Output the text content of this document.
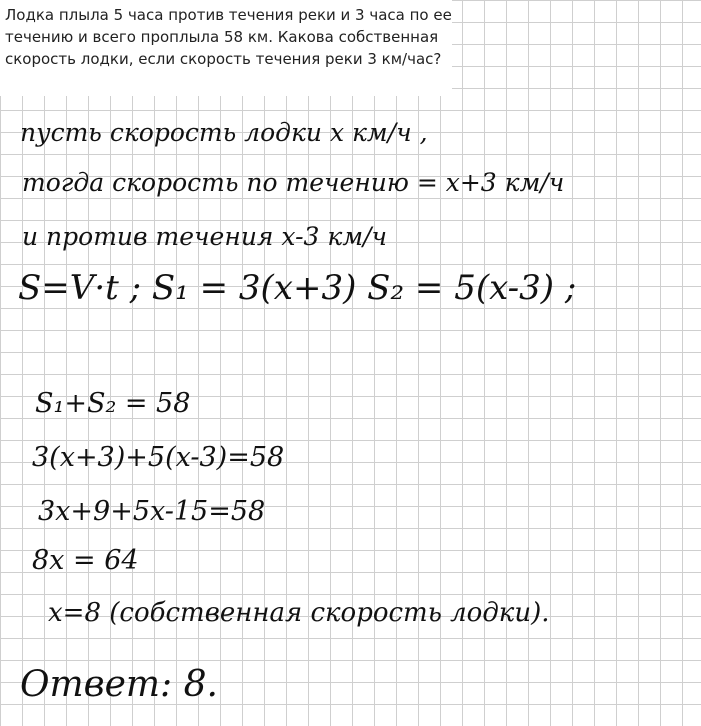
Лодка плыла 5 часа против течения реки и 3 часа по ее течению и всего проплыла 58 км. Какова собственная скорость лодки, если скорость течения реки 3 км/час?
пусть скорость лодки x км/ч ,
тогда скорость по течению = x+3 км/ч
и против течения x-3 км/ч
S=V·t ; S₁ = 3(x+3) S₂ = 5(x-3) ;
S₁+S₂ = 58
3(x+3)+5(x-3)=58
3x+9+5x-15=58
8x = 64
x=8 (собственная скорость лодки).
Ответ: 8.
